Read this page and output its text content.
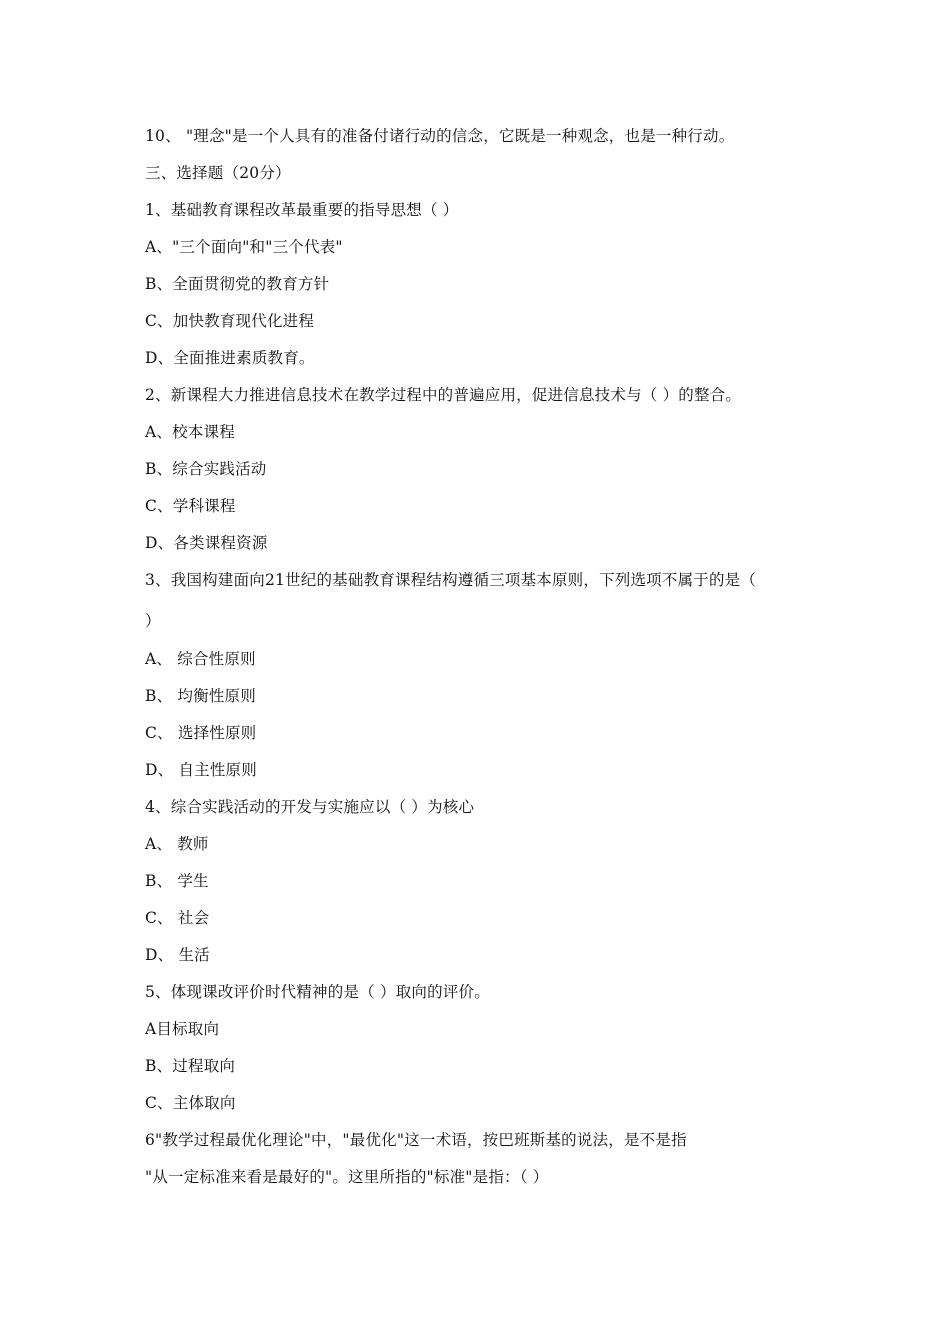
10、 "理念"是一个人具有的准备付诸行动的信念，它既是一种观念，也是一种行动。
三、选择题（20分）
1、基础教育课程改革最重要的指导思想（ ）
A、"三个面向"和"三个代表"
B、全面贯彻党的教育方针
C、加快教育现代化进程
D、全面推进素质教育。
2、新课程大力推进信息技术在教学过程中的普遍应用，促进信息技术与（ ）的整合。
A、校本课程
B、综合实践活动
C、学科课程
D、各类课程资源
3、我国构建面向21世纪的基础教育课程结构遵循三项基本原则，下列选项不属于的是（
）
A、 综合性原则
B、 均衡性原则
C、 选择性原则
D、 自主性原则
4、综合实践活动的开发与实施应以（ ）为核心
A、 教师
B、 学生
C、 社会
D、 生活
5、体现课改评价时代精神的是（ ）取向的评价。
A目标取向
B、过程取向
C、主体取向
6"教学过程最优化理论"中，"最优化"这一术语，按巴班斯基的说法，是不是指
"从一定标准来看是最好的"。这里所指的"标准"是指：（ ）
